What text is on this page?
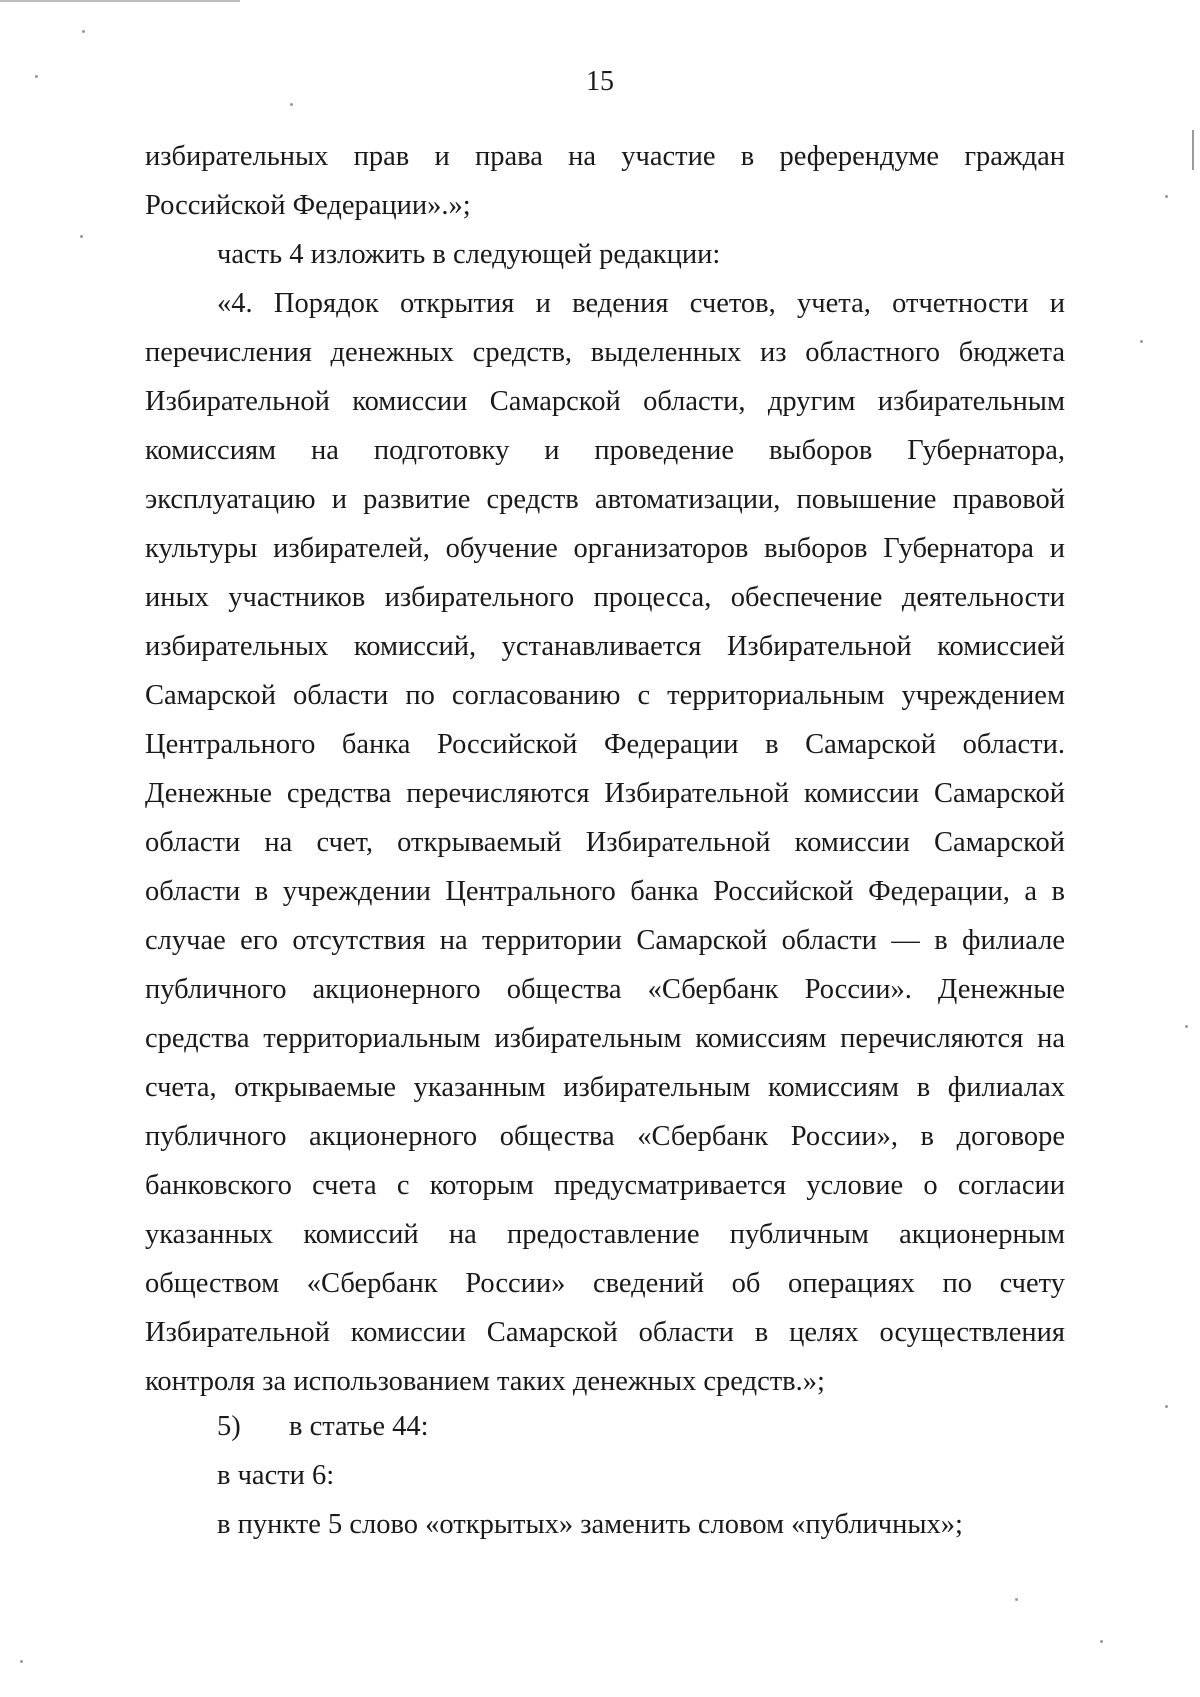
15

избирательных прав и права на участие в референдуме граждан Российской Федерации».»;

часть 4 изложить в следующей редакции:

«4. Порядок открытия и ведения счетов, учета, отчетности и перечисления денежных средств, выделенных из областного бюджета Избирательной комиссии Самарской области, другим избирательным комиссиям на подготовку и проведение выборов Губернатора, эксплуатацию и развитие средств автоматизации, повышение правовой культуры избирателей, обучение организаторов выборов Губернатора и иных участников избирательного процесса, обеспечение деятельности избирательных комиссий, устанавливается Избирательной комиссией Самарской области по согласованию с территориальным учреждением Центрального банка Российской Федерации в Самарской области. Денежные средства перечисляются Избирательной комиссии Самарской области на счет, открываемый Избирательной комиссии Самарской области в учреждении Центрального банка Российской Федерации, а в случае его отсутствия на территории Самарской области — в филиале публичного акционерного общества «Сбербанк России». Денежные средства территориальным избирательным комиссиям перечисляются на счета, открываемые указанным избирательным комиссиям в филиалах публичного акционерного общества «Сбербанк России», в договоре банковского счета с которым предусматривается условие о согласии указанных комиссий на предоставление публичным акционерным обществом «Сбербанк России» сведений об операциях по счету Избирательной комиссии Самарской области в целях осуществления контроля за использованием таких денежных средств.»;

5) в статье 44:

в части 6:

в пункте 5 слово «открытых» заменить словом «публичных»;
